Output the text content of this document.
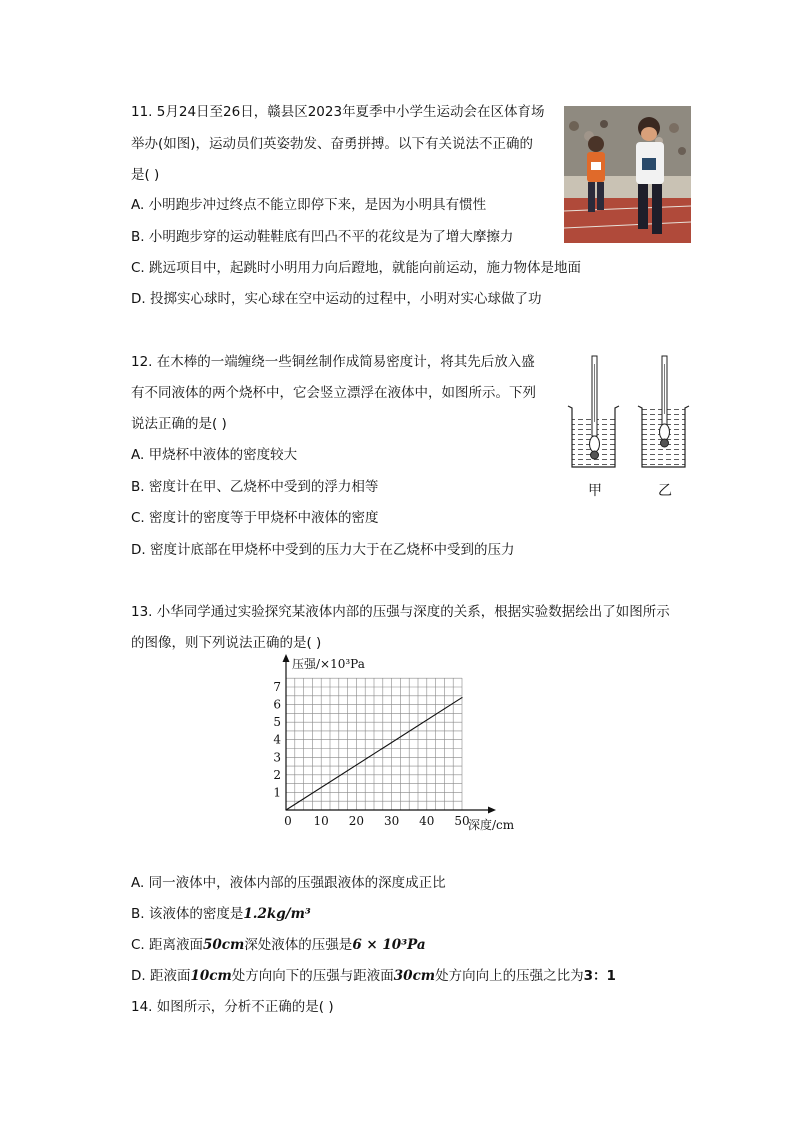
11. 5月24日至26日，赣县区2023年夏季中小学生运动会在区体育场
举办(如图)，运动员们英姿勃发、奋勇拼搏。以下有关说法不正确的
是( )
A. 小明跑步冲过终点不能立即停下来，是因为小明具有惯性
B. 小明跑步穿的运动鞋鞋底有凹凸不平的花纹是为了增大摩擦力
C. 跳远项目中，起跳时小明用力向后蹬地，就能向前运动，施力物体是地面
D. 投掷实心球时，实心球在空中运动的过程中，小明对实心球做了功
12. 在木棒的一端缠绕一些铜丝制作成简易密度计，将其先后放入盛
有不同液体的两个烧杯中，它会竖立漂浮在液体中，如图所示。下列
说法正确的是( )
A. 甲烧杯中液体的密度较大
B. 密度计在甲、乙烧杯中受到的浮力相等
C. 密度计的密度等于甲烧杯中液体的密度
D. 密度计底部在甲烧杯中受到的压力大于在乙烧杯中受到的压力
甲	乙
13. 小华同学通过实验探究某液体内部的压强与深度的关系，根据实验数据绘出了如图所示
的图像，则下列说法正确的是( )
0 10 20 30 40 50
1
2
3
4
5
6
7
压强/×10³Pa
深度/cm
A. 同一液体中，液体内部的压强跟液体的深度成正比
B. 该液体的密度是1.2kg/m³
C. 距离液面50cm深处液体的压强是6 × 10³Pa
D. 距液面10cm处方向向下的压强与距液面30cm处方向向上的压强之比为3：1
14. 如图所示，分析不正确的是( )
